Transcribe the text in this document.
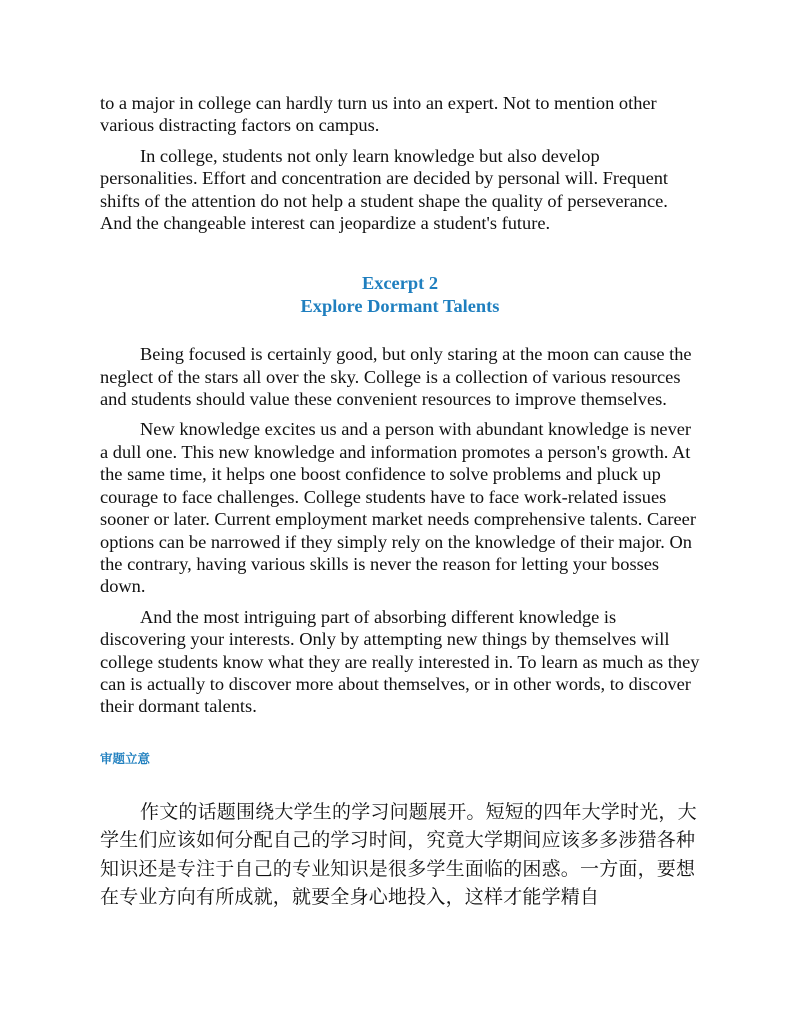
to a major in college can hardly turn us into an expert. Not to mention other various distracting factors on campus.

In college, students not only learn knowledge but also develop personalities. Effort and concentration are decided by personal will. Frequent shifts of the attention do not help a student shape the quality of perseverance. And the changeable interest can jeopardize a student's future.

Excerpt 2

Explore Dormant Talents

Being focused is certainly good, but only staring at the moon can cause the neglect of the stars all over the sky. College is a collection of various resources and students should value these convenient resources to improve themselves.

New knowledge excites us and a person with abundant knowledge is never a dull one. This new knowledge and information promotes a person's growth. At the same time, it helps one boost confidence to solve problems and pluck up courage to face challenges. College students have to face work-related issues sooner or later. Current employment market needs comprehensive talents. Career options can be narrowed if they simply rely on the knowledge of their major. On the contrary, having various skills is never the reason for letting your bosses down.

And the most intriguing part of absorbing different knowledge is discovering your interests. Only by attempting new things by themselves will college students know what they are really interested in. To learn as much as they can is actually to discover more about themselves, or in other words, to discover their dormant talents.

审题立意

作文的话题围绕大学生的学习问题展开。短短的四年大学时光，大学生们应该如何分配自己的学习时间，究竟大学期间应该多多涉猎各种知识还是专注于自己的专业知识是很多学生面临的困惑。一方面，要想在专业方向有所成就，就要全身心地投入，这样才能学精自
